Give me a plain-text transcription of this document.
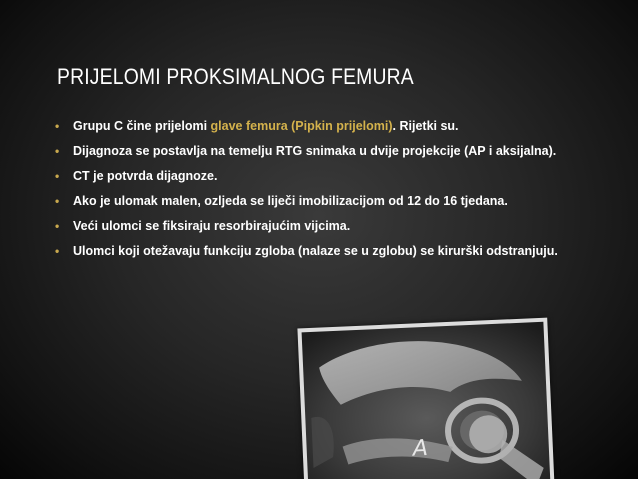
PRIJELOMI PROKSIMALNOG FEMURA
• Grupu C čine prijelomi glave femura (Pipkin prijelomi). Rijetki su.
• Dijagnoza se postavlja na temelju RTG snimaka u dvije projekcije (AP i aksijalna).
• CT je potvrda dijagnoze.
• Ako je ulomak malen, ozljeda se liječi imobilizacijom od 12 do 16 tjedana.
• Veći ulomci se fiksiraju resorbirajućim vijcima.
• Ulomci koji otežavaju funkciju zgloba (nalaze se u zglobu) se kirurški odstranjuju.
A
